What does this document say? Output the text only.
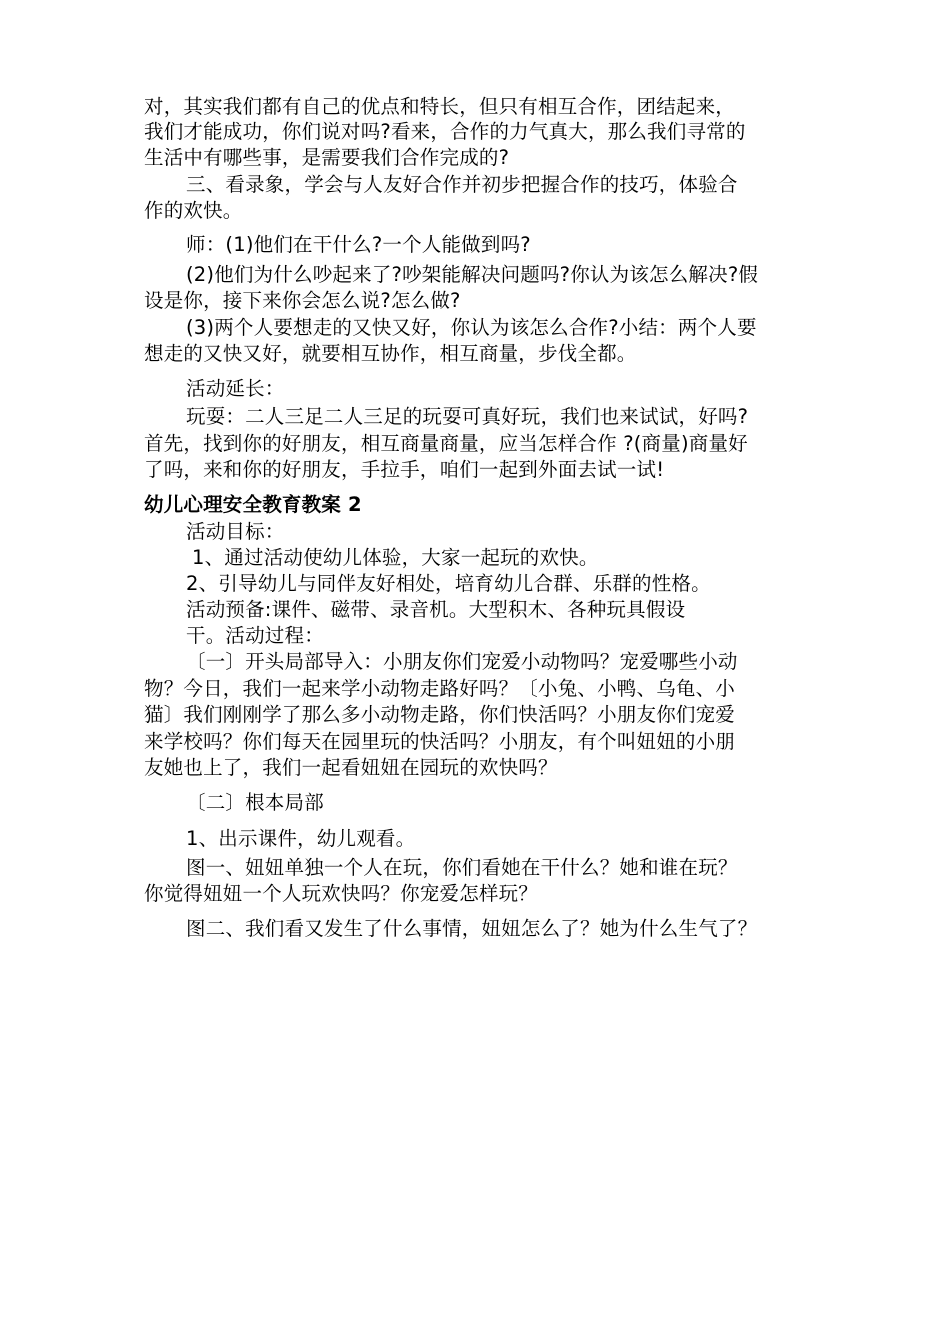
对，其实我们都有自己的优点和特长，但只有相互合作，团结起来，
我们才能成功，你们说对吗?看来，合作的力气真大，那么我们寻常的
生活中有哪些事，是需要我们合作完成的?
三、看录象，学会与人友好合作并初步把握合作的技巧，体验合
作的欢快。
师：(1)他们在干什么?一个人能做到吗?
(2)他们为什么吵起来了?吵架能解决问题吗?你认为该怎么解决?假
设是你，接下来你会怎么说?怎么做?
(3)两个人要想走的又快又好，你认为该怎么合作?小结：两个人要
想走的又快又好，就要相互协作，相互商量，步伐全都。
活动延长：
玩耍：二人三足二人三足的玩耍可真好玩，我们也来试试，好吗?
首先，找到你的好朋友，相互商量商量，应当怎样合作 ?(商量)商量好
了吗，来和你的好朋友，手拉手，咱们一起到外面去试一试!
幼儿心理安全教育教案 2
活动目标：
1、通过活动使幼儿体验，大家一起玩的欢快。
2、引导幼儿与同伴友好相处，培育幼儿合群、乐群的性格。
活动预备:课件、磁带、录音机。大型积木、各种玩具假设
干。活动过程：
〔一〕开头局部导入：小朋友你们宠爱小动物吗？宠爱哪些小动
物？今日，我们一起来学小动物走路好吗？〔小兔、小鸭、乌龟、小
猫〕我们刚刚学了那么多小动物走路，你们快活吗？小朋友你们宠爱
来学校吗？你们每天在园里玩的快活吗？小朋友，有个叫妞妞的小朋
友她也上了，我们一起看妞妞在园玩的欢快吗？
〔二〕根本局部
1、出示课件，幼儿观看。
图一、妞妞单独一个人在玩，你们看她在干什么？她和谁在玩？
你觉得妞妞一个人玩欢快吗？你宠爱怎样玩？
图二、我们看又发生了什么事情，妞妞怎么了？她为什么生气了？
